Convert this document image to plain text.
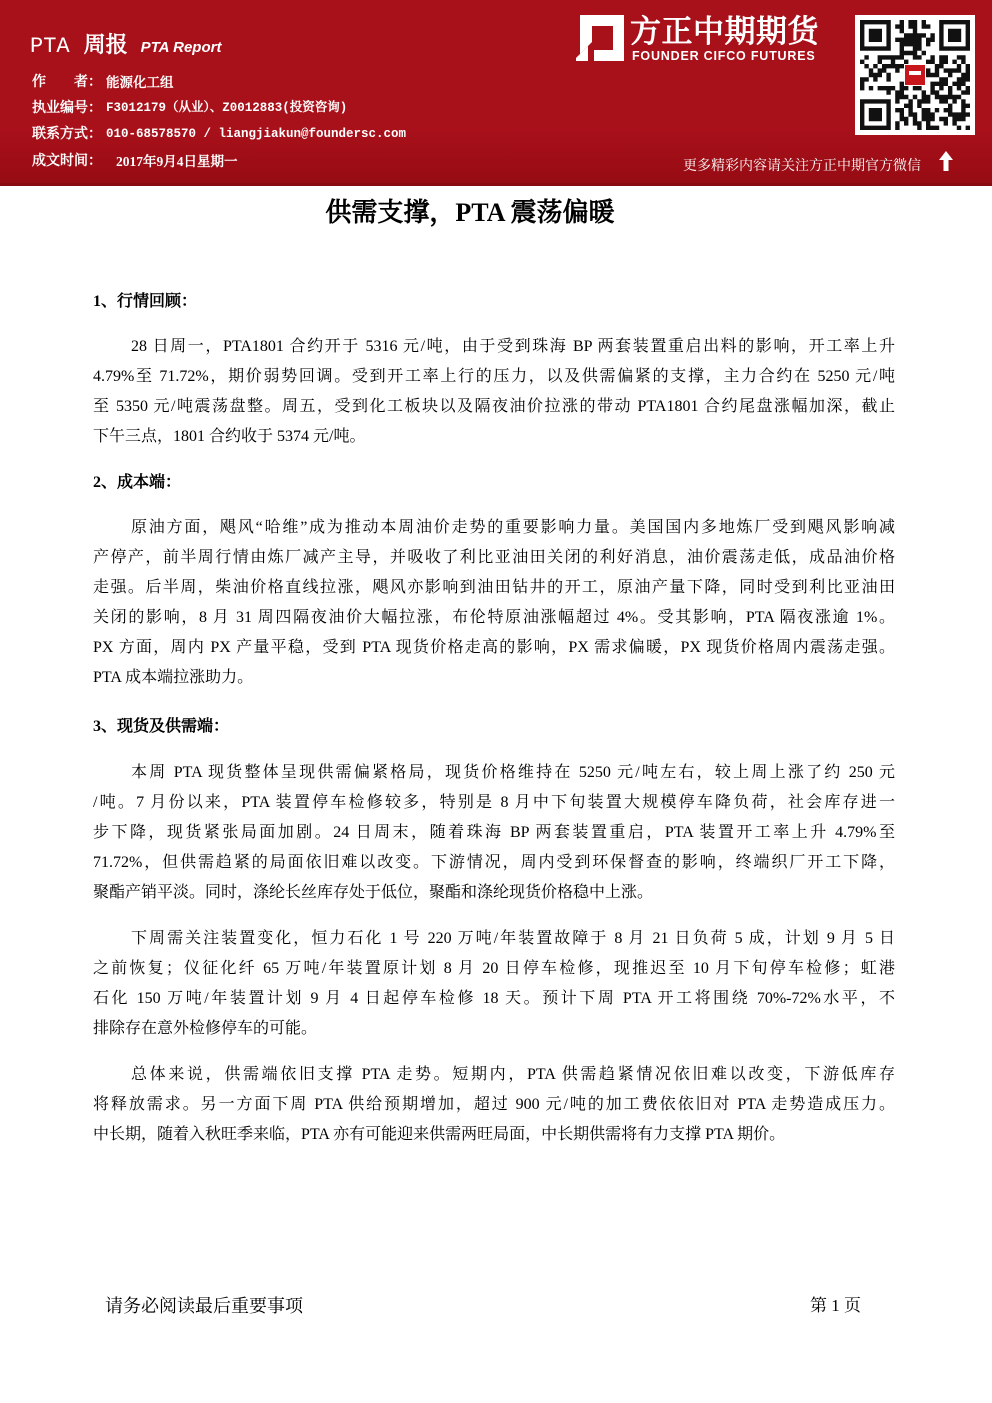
PTA 周报 PTA Report
作　　者： 能源化工组
执业编号： F3012179（从业）、Z0012883(投资咨询)
联系方式： 010-68578570 / liangjiakun@foundersc.com
成文时间：	2017年9月4日星期一
方正中期期货
FOUNDER CIFCO FUTURES
更多精彩内容请关注方正中期官方微信
供需支撑，PTA 震荡偏暖
1、行情回顾：
28 日周一，PTA1801 合约开于 5316 元/吨，由于受到珠海 BP 两套装置重启出料的影响，开工率上升
4.79%至 71.72%，期价弱势回调。受到开工率上行的压力，以及供需偏紧的支撑，主力合约在 5250 元/吨
至 5350 元/吨震荡盘整。周五，受到化工板块以及隔夜油价拉涨的带动 PTA1801 合约尾盘涨幅加深，截止
下午三点，1801 合约收于 5374 元/吨。
2、成本端：
原油方面，飓风“哈维”成为推动本周油价走势的重要影响力量。美国国内多地炼厂受到飓风影响减
产停产，前半周行情由炼厂减产主导，并吸收了利比亚油田关闭的利好消息，油价震荡走低，成品油价格
走强。后半周，柴油价格直线拉涨，飓风亦影响到油田钻井的开工，原油产量下降，同时受到利比亚油田
关闭的影响，8 月 31 周四隔夜油价大幅拉涨，布伦特原油涨幅超过 4%。受其影响，PTA 隔夜涨逾 1%。
PX 方面，周内 PX 产量平稳，受到 PTA 现货价格走高的影响，PX 需求偏暖，PX 现货价格周内震荡走强。
PTA 成本端拉涨助力。
3、现货及供需端：
本周 PTA 现货整体呈现供需偏紧格局，现货价格维持在 5250 元/吨左右，较上周上涨了约 250 元
/吨。7 月份以来，PTA 装置停车检修较多，特别是 8 月中下旬装置大规模停车降负荷，社会库存进一
步下降，现货紧张局面加剧。24 日周末，随着珠海 BP 两套装置重启，PTA 装置开工率上升 4.79%至
71.72%，但供需趋紧的局面依旧难以改变。下游情况，周内受到环保督查的影响，终端织厂开工下降，
聚酯产销平淡。同时，涤纶长丝库存处于低位，聚酯和涤纶现货价格稳中上涨。
下周需关注装置变化，恒力石化 1 号 220 万吨/年装置故障于 8 月 21 日负荷 5 成，计划 9 月 5 日
之前恢复；仪征化纤 65 万吨/年装置原计划 8 月 20 日停车检修，现推迟至 10 月下旬停车检修；虹港
石化 150 万吨/年装置计划 9 月 4 日起停车检修 18 天。预计下周 PTA 开工将围绕 70%-72%水平，不
排除存在意外检修停车的可能。
总体来说，供需端依旧支撑 PTA 走势。短期内，PTA 供需趋紧情况依旧难以改变，下游低库存
将释放需求。另一方面下周 PTA 供给预期增加，超过 900 元/吨的加工费依依旧对 PTA 走势造成压力。
中长期，随着入秋旺季来临，PTA 亦有可能迎来供需两旺局面，中长期供需将有力支撑 PTA 期价。
请务必阅读最后重要事项	第 1 页
